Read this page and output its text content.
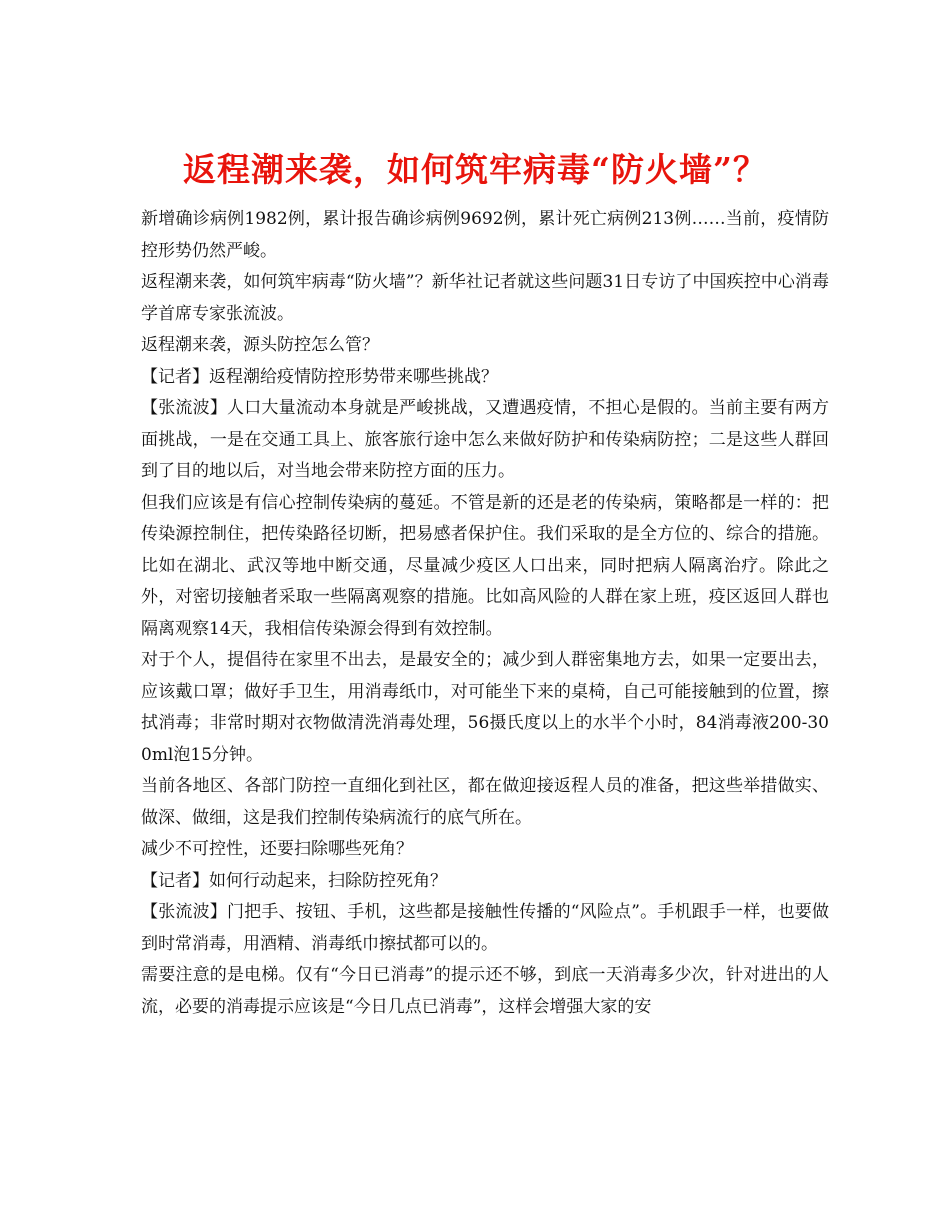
返程潮来袭，如何筑牢病毒“防火墙”？

新增确诊病例1982例，累计报告确诊病例9692例，累计死亡病例213例……当前，疫情防控形势仍然严峻。

返程潮来袭，如何筑牢病毒“防火墙”？新华社记者就这些问题31日专访了中国疾控中心消毒学首席专家张流波。

返程潮来袭，源头防控怎么管？

【记者】返程潮给疫情防控形势带来哪些挑战？

【张流波】人口大量流动本身就是严峻挑战，又遭遇疫情，不担心是假的。当前主要有两方面挑战，一是在交通工具上、旅客旅行途中怎么来做好防护和传染病防控；二是这些人群回到了目的地以后，对当地会带来防控方面的压力。

但我们应该是有信心控制传染病的蔓延。不管是新的还是老的传染病，策略都是一样的：把传染源控制住，把传染路径切断，把易感者保护住。我们采取的是全方位的、综合的措施。比如在湖北、武汉等地中断交通，尽量减少疫区人口出来，同时把病人隔离治疗。除此之外，对密切接触者采取一些隔离观察的措施。比如高风险的人群在家上班，疫区返回人群也隔离观察14天，我相信传染源会得到有效控制。

对于个人，提倡待在家里不出去，是最安全的；减少到人群密集地方去，如果一定要出去，应该戴口罩；做好手卫生，用消毒纸巾，对可能坐下来的桌椅，自己可能接触到的位置，擦拭消毒；非常时期对衣物做清洗消毒处理，56摄氏度以上的水半个小时，84消毒液200-300ml泡15分钟。

当前各地区、各部门防控一直细化到社区，都在做迎接返程人员的准备，把这些举措做实、做深、做细，这是我们控制传染病流行的底气所在。

减少不可控性，还要扫除哪些死角？

【记者】如何行动起来，扫除防控死角？

【张流波】门把手、按钮、手机，这些都是接触性传播的“风险点”。手机跟手一样，也要做到时常消毒，用酒精、消毒纸巾擦拭都可以的。

需要注意的是电梯。仅有“今日已消毒”的提示还不够，到底一天消毒多少次，针对进出的人流，必要的消毒提示应该是“今日几点已消毒”，这样会增强大家的安
